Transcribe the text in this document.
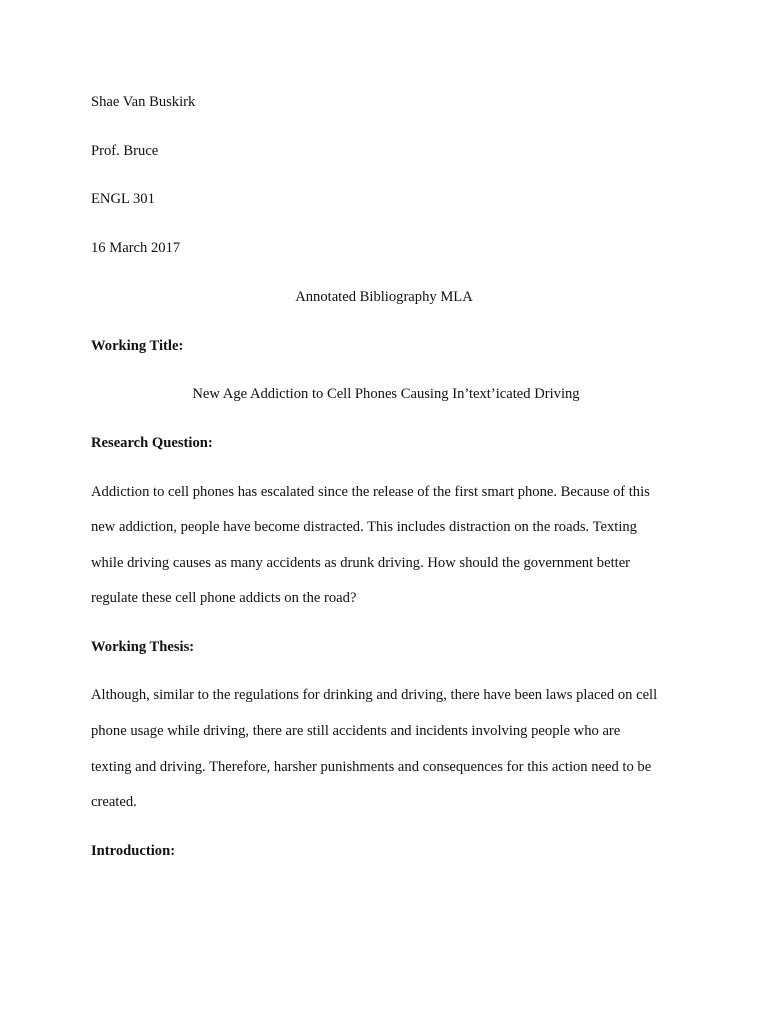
Shae Van Buskirk
Prof. Bruce
ENGL 301
16 March 2017
Annotated Bibliography MLA
Working Title:
New Age Addiction to Cell Phones Causing In’text’icated Driving
Research Question:
Addiction to cell phones has escalated since the release of the first smart phone. Because of this
new addiction, people have become distracted. This includes distraction on the roads. Texting
while driving causes as many accidents as drunk driving. How should the government better
regulate these cell phone addicts on the road?
Working Thesis:
Although, similar to the regulations for drinking and driving, there have been laws placed on cell
phone usage while driving, there are still accidents and incidents involving people who are
texting and driving. Therefore, harsher punishments and consequences for this action need to be
created.
Introduction:
